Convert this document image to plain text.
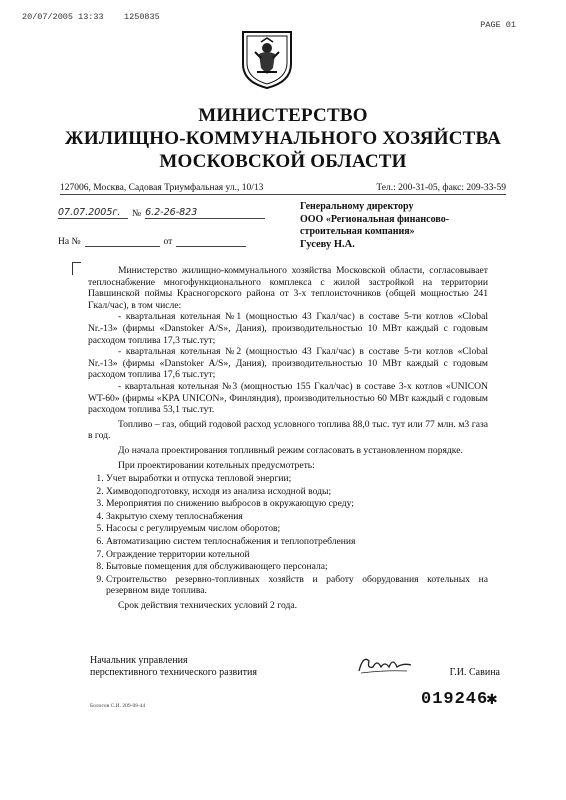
20/07/2005 13:33 1250835
PAGE 01
МИНИСТЕРСТВО
ЖИЛИЩНО-КОММУНАЛЬНОГО ХОЗЯЙСТВА
МОСКОВСКОЙ ОБЛАСТИ
127006, Москва, Садовая Триумфальная ул., 10/13	Тел.: 200-31-05, факс: 209-33-59

07.07.2005г.	№ 6.2-26-823
На №	от
Генеральному директору
ООО «Региональная финансово-
строительная компания»
Гусеву Н.А.

Министерство жилищно-коммунального хозяйства Московской области, согласовывает теплоснабжение многофункционального комплекса с жилой застройкой на территории Павшинской поймы Красногорского района от 3-х теплоисточников (общей мощностью 241 Гкал/час), в том числе:

- квартальная котельная №1 (мощностью 43 Гкал/час) в составе 5-ти котлов «Clobal Nr.-13» (фирмы «Danstoker A/S», Дания), производительностью 10 МВт каждый с годовым расходом топлива 17,3 тыс.тут;

- квартальная котельная №2 (мощностью 43 Гкал/час) в составе 5-ти котлов «Clobal Nr.-13» (фирмы «Danstoker A/S», Дания), производительностью 10 МВт каждый с годовым расходом топлива 17,6 тыс.тут;

- квартальная котельная №3 (мощностью 155 Гкал/час) в составе 3-х котлов «UNICON WT-60» (фирмы «KPA UNICON», Финляндия), производительностью 60 МВт каждый с годовым расходом топлива 53,1 тыс.тут.

Топливо – газ, общий годовой расход условного топлива 88,0 тыс. тут или 77 млн. м3 газа в год.

До начала проектирования топливный режим согласовать в установленном порядке.

При проектировании котельных предусмотреть:

1. Учет выработки и отпуска тепловой энергии;
2. Химводоподготовку, исходя из анализа исходной воды;
3. Мероприятия по снижению выбросов в окружающую среду;
4. Закрытую схему теплоснабжения
5. Насосы с регулируемым числом оборотов;
6. Автоматизацию систем теплоснабжения и теплопотребления
7. Ограждение территории котельной
8. Бытовые помещения для обслуживающего персонала;
9. Строительство резервно-топливных хозяйств и работу оборудования котельных на резервном виде топлива.

Срок действия технических условий 2 года.

Начальник управления
перспективного технического развития	Г.И. Савина
Болосов С.И. 209-08-44	019246
✱
